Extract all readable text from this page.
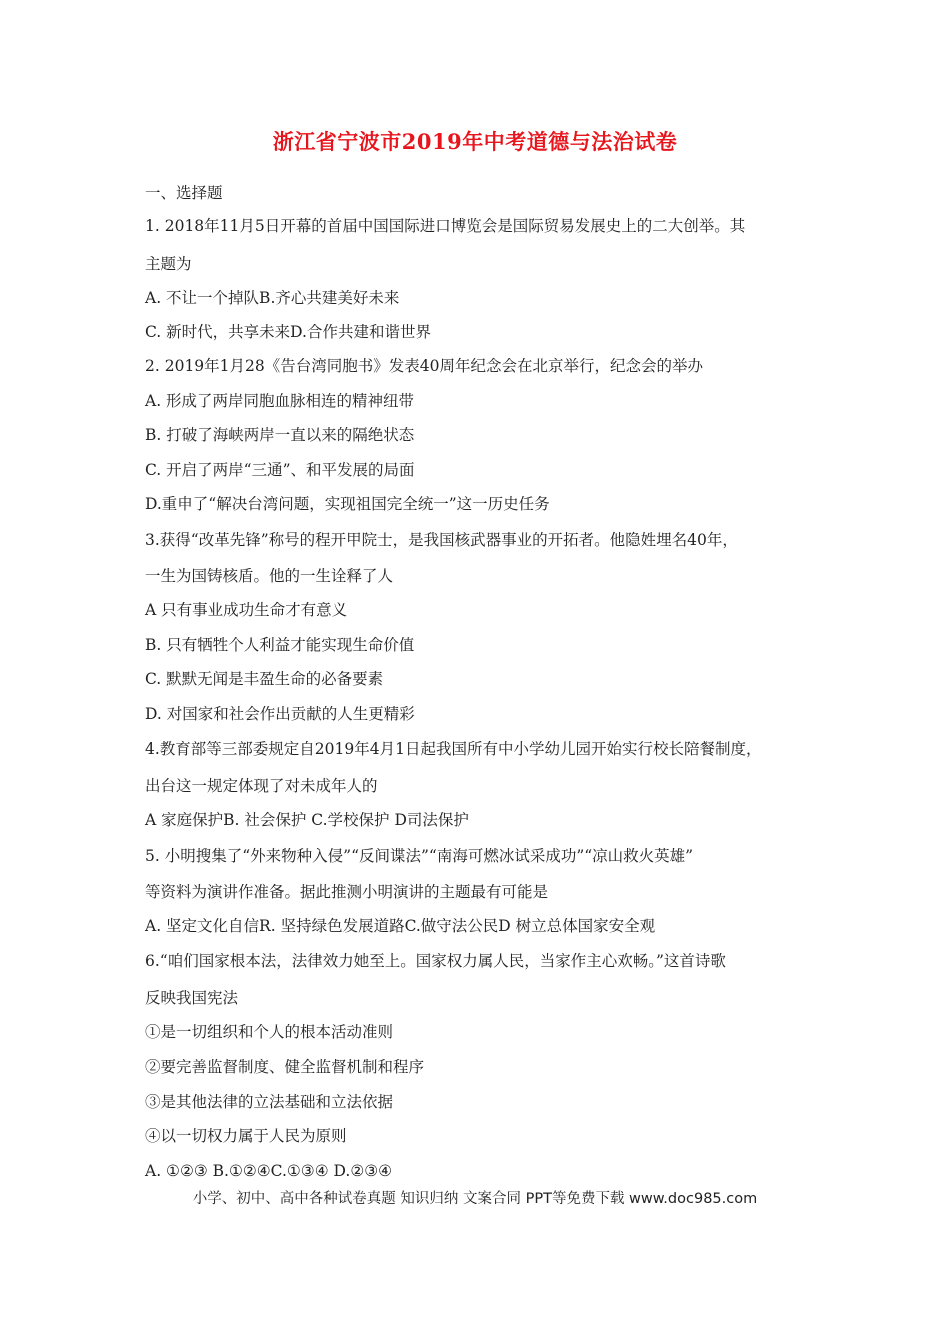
浙江省宁波市2019年中考道德与法治试卷
一、选择题
1. 2018年11月5日开幕的首届中国国际进口博览会是国际贸易发展史上的二大创举。其
主题为
A. 不让一个掉队B.齐心共建美好未来
C. 新时代，共享未来D.合作共建和谐世界
2. 2019年1月28《告台湾同胞书》发表40周年纪念会在北京举行，纪念会的举办
A. 形成了两岸同胞血脉相连的精神纽带
B. 打破了海峡两岸一直以来的隔绝状态
C. 开启了两岸“三通”、和平发展的局面
D.重申了“解决台湾问题，实现祖国完全统一”这一历史任务
3.获得“改革先锋”称号的程开甲院士，是我国核武器事业的开拓者。他隐姓埋名40年，
一生为国铸核盾。他的一生诠释了人
A 只有事业成功生命才有意义
B. 只有牺牲个人利益才能实现生命价值
C. 默默无闻是丰盈生命的必备要素
D. 对国家和社会作出贡献的人生更精彩
4.教育部等三部委规定自2019年4月1日起我国所有中小学幼儿园开始实行校长陪餐制度，
出台这一规定体现了对未成年人的
A 家庭保护B. 社会保护 C.学校保护 D司法保护
5. 小明搜集了“外来物种入侵”“反间谍法”“南海可燃冰试采成功”“凉山救火英雄”
等资料为演讲作准备。据此推测小明演讲的主题最有可能是
A. 坚定文化自信R. 坚持绿色发展道路C.做守法公民D 树立总体国家安全观
6.“咱们国家根本法，法律效力她至上。国家权力属人民，当家作主心欢畅。”这首诗歌
反映我国宪法
①是一切组织和个人的根本活动准则
②要完善监督制度、健全监督机制和程序
③是其他法律的立法基础和立法依据
④以一切权力属于人民为原则
A. ①②③ B.①②④C.①③④ D.②③④
小学、初中、高中各种试卷真题 知识归纳 文案合同 PPT等免费下载 www.doc985.com
